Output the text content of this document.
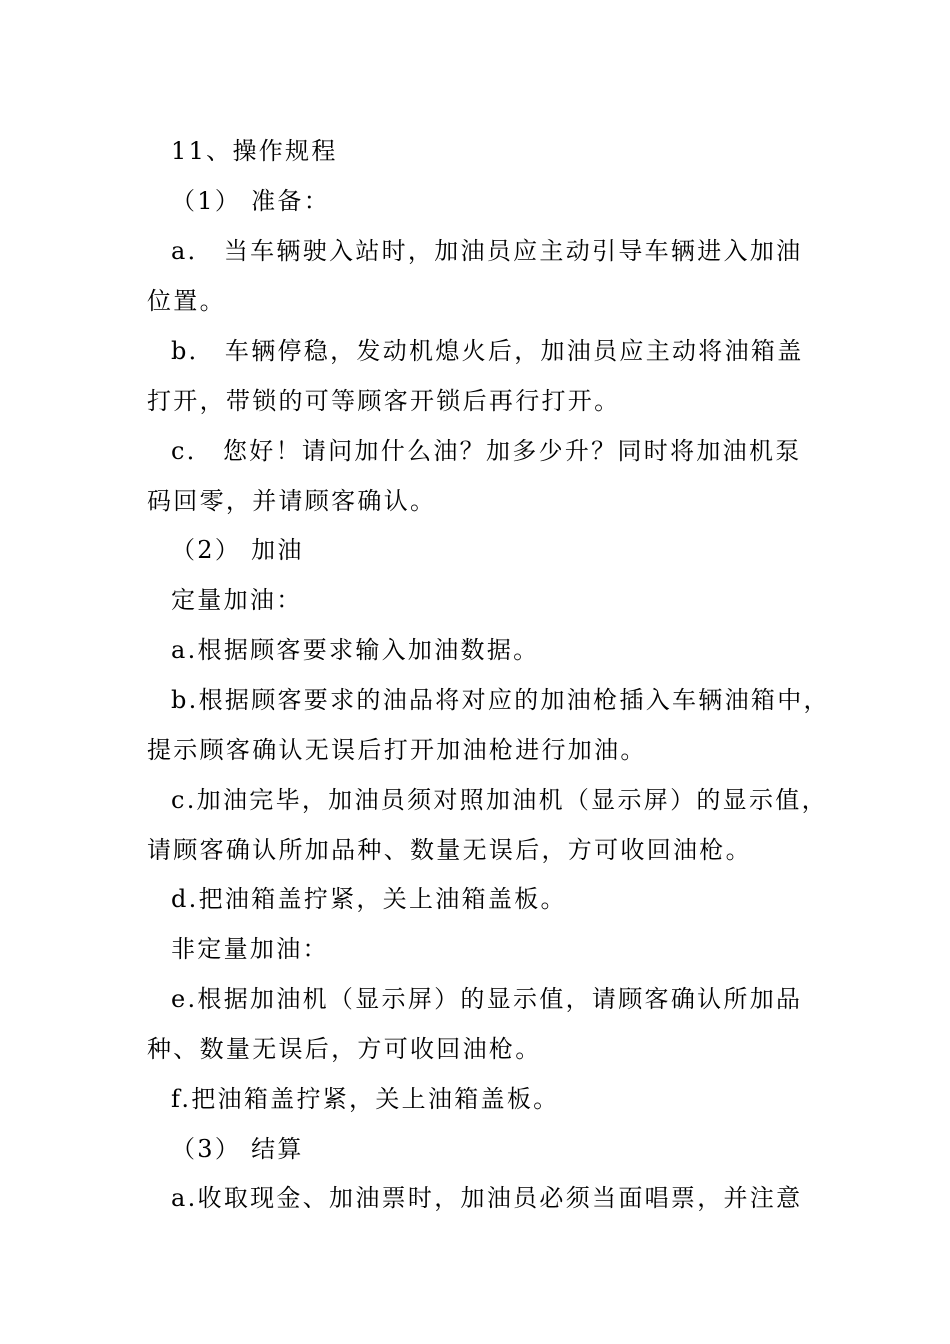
11、操作规程
（1） 准备：
a． 当车辆驶入站时，加油员应主动引导车辆进入加油
位置。
b． 车辆停稳，发动机熄火后，加油员应主动将油箱盖
打开，带锁的可等顾客开锁后再行打开。
c． 您好！请问加什么油？加多少升？同时将加油机泵
码回零，并请顾客确认。
（2） 加油
定量加油：
a.根据顾客要求输入加油数据。
b.根据顾客要求的油品将对应的加油枪插入车辆油箱中，
提示顾客确认无误后打开加油枪进行加油。
c.加油完毕，加油员须对照加油机（显示屏）的显示值，
请顾客确认所加品种、数量无误后，方可收回油枪。
d.把油箱盖拧紧，关上油箱盖板。
非定量加油：
e.根据加油机（显示屏）的显示值，请顾客确认所加品
种、数量无误后，方可收回油枪。
f.把油箱盖拧紧，关上油箱盖板。
（3） 结算
a.收取现金、加油票时，加油员必须当面唱票，并注意
